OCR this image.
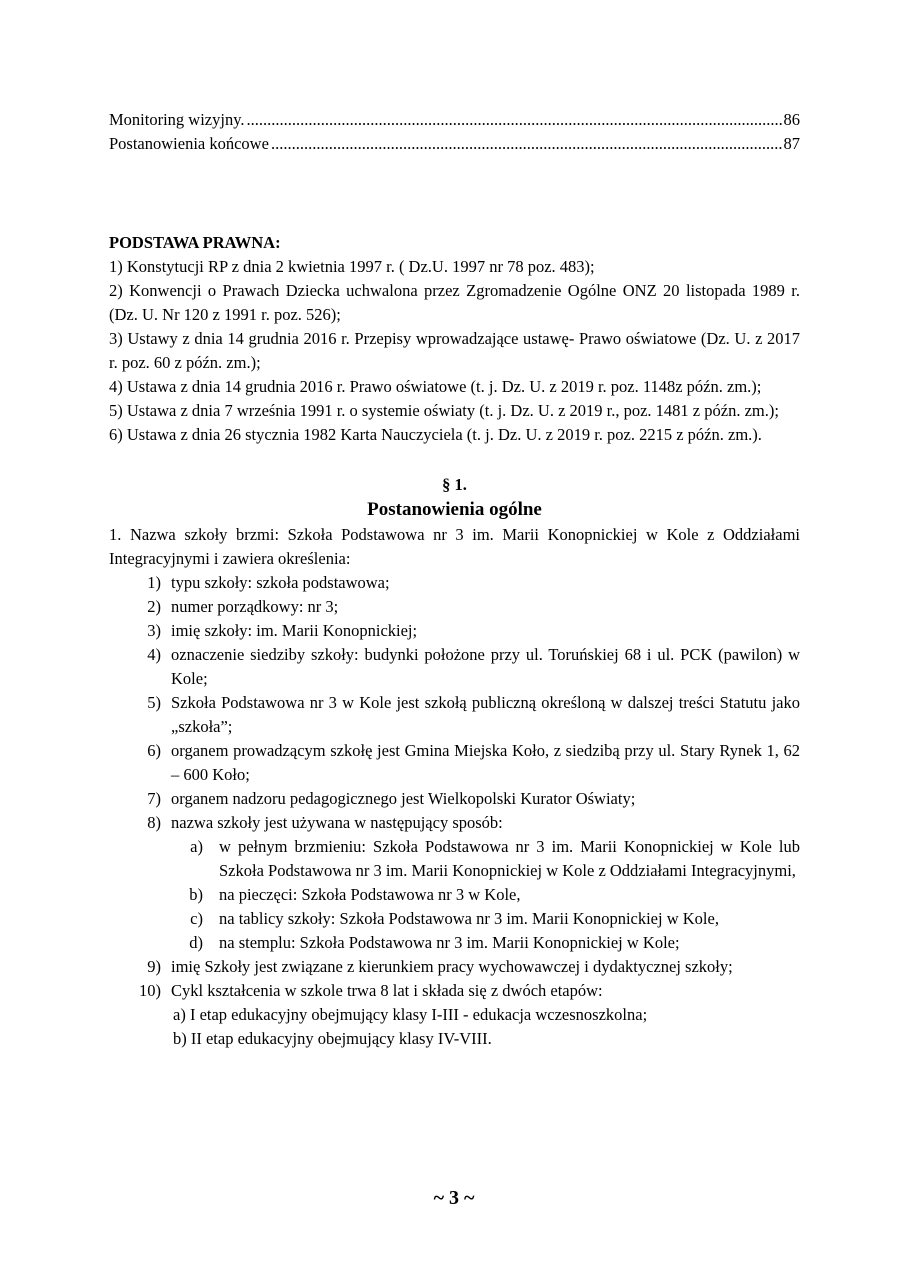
Monitoring wizyjny. .....	86
Postanowienia końcowe .....	87
PODSTAWA PRAWNA:
1) Konstytucji RP z dnia 2 kwietnia 1997 r. ( Dz.U. 1997 nr 78 poz. 483);
2) Konwencji o Prawach Dziecka uchwalona przez Zgromadzenie Ogólne ONZ 20 listopada 1989 r. (Dz. U. Nr 120 z 1991 r. poz. 526);
3) Ustawy z dnia 14 grudnia 2016 r. Przepisy wprowadzające ustawę- Prawo oświatowe (Dz. U. z 2017 r. poz. 60 z późn. zm.);
4) Ustawa z dnia 14 grudnia 2016 r. Prawo oświatowe (t. j. Dz. U. z 2019 r. poz. 1148z późn. zm.);
5) Ustawa z dnia 7 września 1991 r. o systemie oświaty (t. j. Dz. U. z 2019 r., poz. 1481 z późn. zm.);
6) Ustawa z dnia 26 stycznia 1982 Karta Nauczyciela (t. j. Dz. U. z 2019 r. poz. 2215 z późn. zm.).
§ 1.
Postanowienia ogólne
1. Nazwa szkoły brzmi: Szkoła Podstawowa nr 3 im. Marii Konopnickiej w Kole z Oddziałami Integracyjnymi i zawiera określenia:
1) typu szkoły: szkoła podstawowa;
2) numer porządkowy: nr 3;
3) imię szkoły: im. Marii Konopnickiej;
4) oznaczenie siedziby szkoły: budynki położone przy ul. Toruńskiej 68 i ul. PCK (pawilon) w Kole;
5) Szkoła Podstawowa nr 3 w Kole jest szkołą publiczną określoną w dalszej treści Statutu jako „szkoła”;
6) organem prowadzącym szkołę jest Gmina Miejska Koło, z siedzibą przy ul. Stary Rynek 1, 62 – 600 Koło;
7) organem nadzoru pedagogicznego jest Wielkopolski Kurator Oświaty;
8) nazwa szkoły jest używana w następujący sposób:
a) w pełnym brzmieniu: Szkoła Podstawowa nr 3 im. Marii Konopnickiej w Kole lub Szkoła Podstawowa nr 3 im. Marii Konopnickiej w Kole z Oddziałami Integracyjnymi,
b) na pieczęci: Szkoła Podstawowa nr 3 w Kole,
c) na tablicy szkoły: Szkoła Podstawowa nr 3 im. Marii Konopnickiej w Kole,
d) na stemplu: Szkoła Podstawowa nr 3 im. Marii Konopnickiej w Kole;
9) imię Szkoły jest związane z kierunkiem pracy wychowawczej i dydaktycznej szkoły;
10) Cykl kształcenia w szkole trwa 8 lat i składa się z dwóch etapów:
a) I etap edukacyjny obejmujący klasy I-III - edukacja wczesnoszkolna;
b) II etap edukacyjny obejmujący klasy IV-VIII.
~ 3 ~
